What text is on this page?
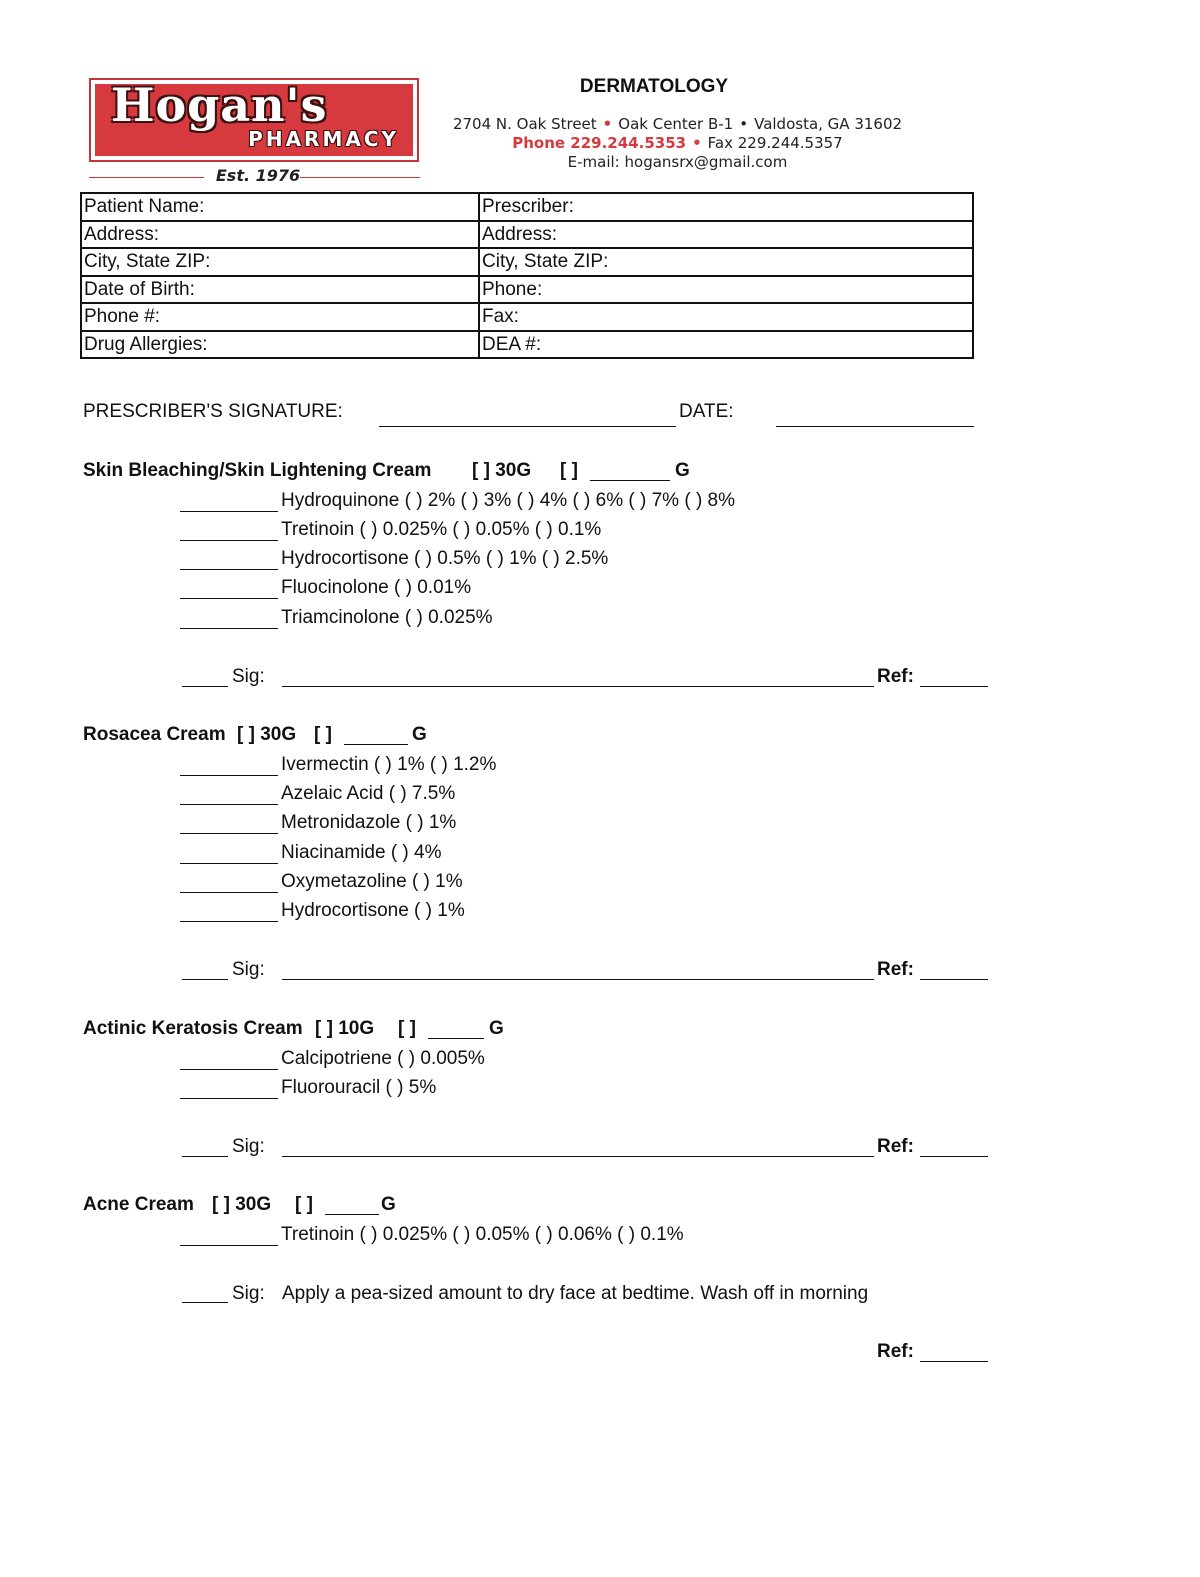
Hogan's
PHARMACY
Est. 1976
DERMATOLOGY
2704 N. Oak Street • Oak Center B-1 • Valdosta, GA 31602
Phone 229.244.5353 • Fax 229.244.5357
E-mail: hogansrx@gmail.com
Patient Name:	Prescriber:
Address:	Address:
City, State ZIP:	City, State ZIP:
Date of Birth:	Phone:
Phone #:	Fax:
Drug Allergies:	DEA #:
PRESCRIBER'S SIGNATURE:	DATE:
Skin Bleaching/Skin Lightening Cream [ ] 30G [ ]	G
Hydroquinone ( ) 2% ( ) 3% ( ) 4% ( ) 6% ( ) 7% ( ) 8%
Tretinoin ( ) 0.025% ( ) 0.05% ( ) 0.1%
Hydrocortisone ( ) 0.5% ( ) 1% ( ) 2.5%
Fluocinolone ( ) 0.01%
Triamcinolone ( ) 0.025%
Sig:	Ref:
Rosacea Cream [ ] 30G [ ]	G
Ivermectin ( ) 1% ( ) 1.2%
Azelaic Acid ( ) 7.5%
Metronidazole ( ) 1%
Niacinamide ( ) 4%
Oxymetazoline ( ) 1%
Hydrocortisone ( ) 1%
Sig:	Ref:
Actinic Keratosis Cream [ ] 10G [ ]	G
Calcipotriene ( ) 0.005%
Fluorouracil ( ) 5%
Sig:	Ref:
Acne Cream [ ] 30G [ ]	G
Tretinoin ( ) 0.025% ( ) 0.05% ( ) 0.06% ( ) 0.1%
Sig: Apply a pea-sized amount to dry face at bedtime. Wash off in morning
Ref:
